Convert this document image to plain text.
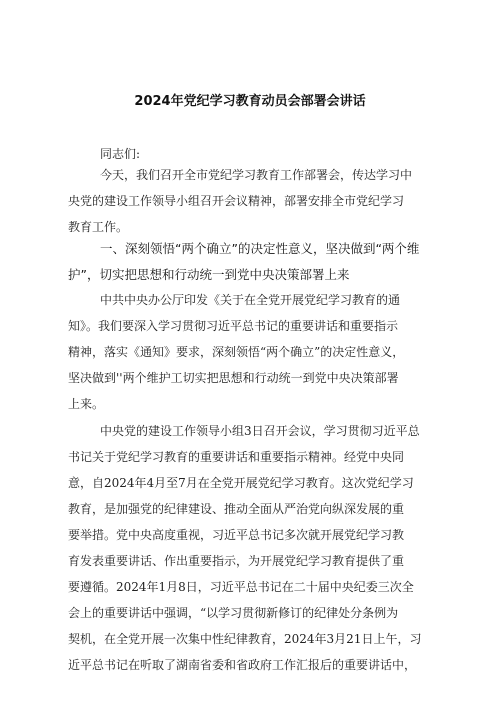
2024年党纪学习教育动员会部署会讲话
同志们:
今天，我们召开全市党纪学习教育工作部署会，传达学习中
央党的建设工作领导小组召开会议精神，部署安排全市党纪学习
教育工作。
一、深刻领悟“两个确立”的决定性意义，坚决做到“两个维
护”，切实把思想和行动统一到党中央决策部署上来
中共中央办公厅印发《关于在全党开展党纪学习教育的通
知》。我们要深入学习贯彻习近平总书记的重要讲话和重要指示
精神，落实《通知》要求，深刻领悟“两个确立”的决定性意义，
坚决做到''两个维护工切实把思想和行动统一到党中央决策部署
上来。
中央党的建设工作领导小组3日召开会议，学习贯彻习近平总
书记关于党纪学习教育的重要讲话和重要指示精神。经党中央同
意，自2024年4月至7月在全党开展党纪学习教育。这次党纪学习
教育，是加强党的纪律建设、推动全面从严治党向纵深发展的重
要举措。党中央高度重视，习近平总书记多次就开展党纪学习教
育发表重要讲话、作出重要指示，为开展党纪学习教育提供了重
要遵循。2024年1月8日，习近平总书记在二十届中央纪委三次全
会上的重要讲话中强调，“以学习贯彻新修订的纪律处分条例为
契机，在全党开展一次集中性纪律教育，2024年3月21日上午，习
近平总书记在听取了湖南省委和省政府工作汇报后的重要讲话中，
